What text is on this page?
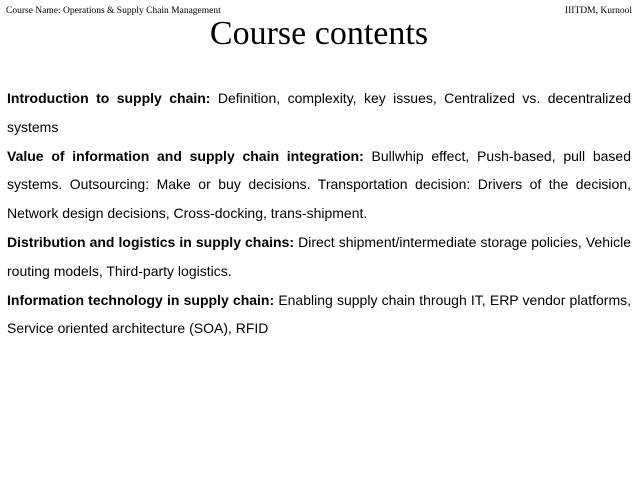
Course Name: Operations & Supply Chain Management	IIITDM, Kurnool
Course contents

Introduction to supply chain: Definition, complexity, key issues, Centralized vs. decentralized systems

Value of information and supply chain integration: Bullwhip effect, Push-based, pull based systems. Outsourcing: Make or buy decisions. Transportation decision: Drivers of the decision, Network design decisions, Cross-docking, trans-shipment.

Distribution and logistics in supply chains: Direct shipment/intermediate storage policies, Vehicle routing models, Third-party logistics.

Information technology in supply chain: Enabling supply chain through IT, ERP vendor platforms, Service oriented architecture (SOA), RFID
